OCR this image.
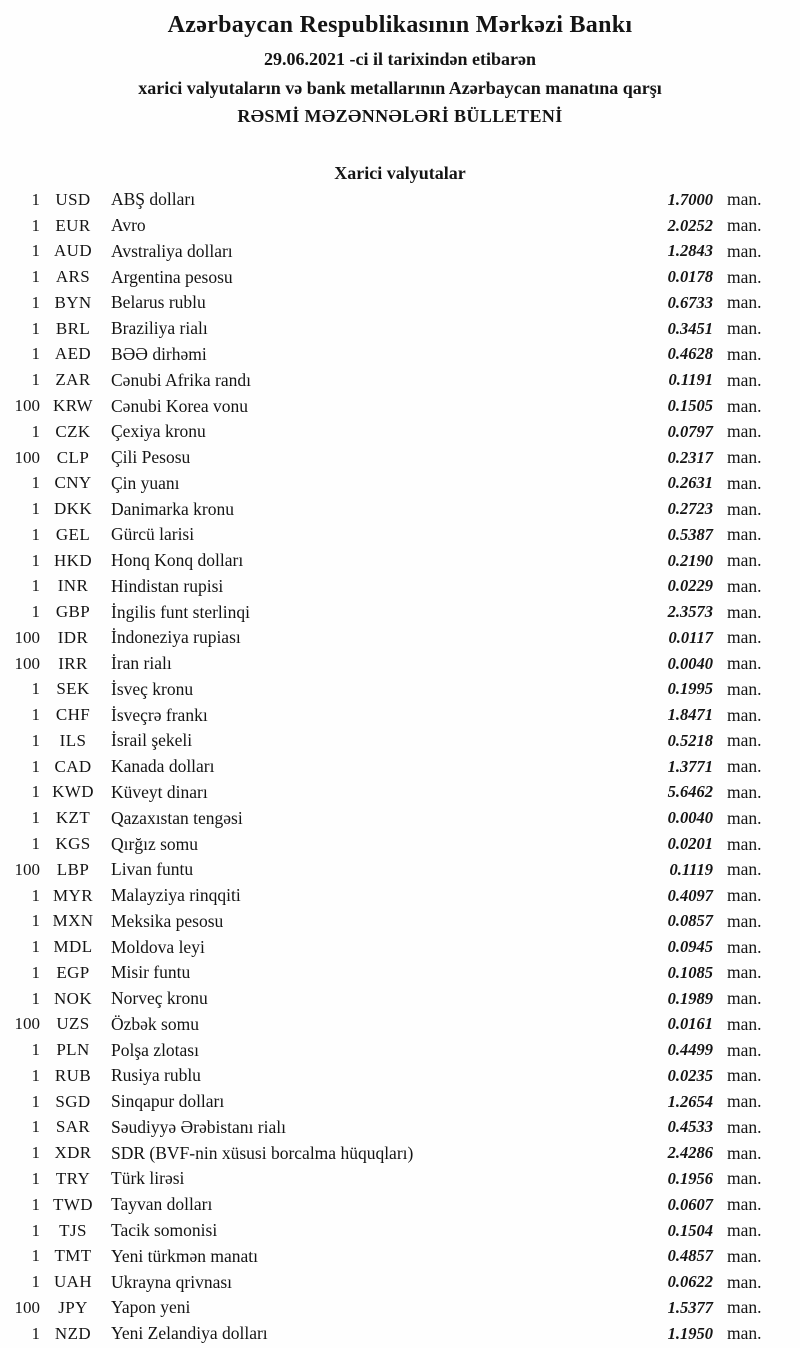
Azərbaycan Respublikasının Mərkəzi Bankı
29.06.2021 -ci il tarixindən etibarən
xarici valyutaların və bank metallarının Azərbaycan manatına qarşı
RƏSMİ MƏZƏNNƏLƏRİ BÜLLETENİ
Xarici valyutalar
1 USD	ABŞ dolları	1.7000 man.
1 EUR	Avro	2.0252 man.
1 AUD	Avstraliya dolları	1.2843 man.
1 ARS	Argentina pesosu	0.0178 man.
1 BYN	Belarus rublu	0.6733 man.
1 BRL	Braziliya rialı	0.3451 man.
1 AED	BƏƏ dirhəmi	0.4628 man.
1 ZAR	Cənubi Afrika randı	0.1191 man.
100 KRW	Cənubi Korea vonu	0.1505 man.
1 CZK	Çexiya kronu	0.0797 man.
100 CLP	Çili Pesosu	0.2317 man.
1 CNY	Çin yuanı	0.2631 man.
1 DKK	Danimarka kronu	0.2723 man.
1 GEL	Gürcü larisi	0.5387 man.
1 HKD	Honq Konq dolları	0.2190 man.
1	INR	Hindistan rupisi	0.0229 man.
1 GBP	İngilis funt sterlinqi	2.3573 man.
100	IDR	İndoneziya rupiası	0.0117 man.
100	IRR	İran rialı	0.0040 man.
1 SEK	İsveç kronu	0.1995 man.
1 CHF	İsveçrə frankı	1.8471 man.
1	ILS	İsrail şekeli	0.5218 man.
1 CAD	Kanada dolları	1.3771 man.
1 KWD Küveyt dinarı	5.6462 man.
1 KZT	Qazaxıstan tengəsi	0.0040 man.
1 KGS	Qırğız somu	0.0201 man.
100 LBP	Livan funtu	0.1119 man.
1 MYR	Malayziya rinqqiti	0.4097 man.
1 MXN	Meksika pesosu	0.0857 man.
1 MDL	Moldova leyi	0.0945 man.
1 EGP	Misir funtu	0.1085 man.
1 NOK	Norveç kronu	0.1989 man.
100 UZS	Özbək somu	0.0161 man.
1 PLN	Polşa zlotası	0.4499 man.
1 RUB	Rusiya rublu	0.0235 man.
1 SGD	Sinqapur dolları	1.2654 man.
1 SAR	Səudiyyə Ərəbistanı rialı	0.4533 man.
1 XDR	SDR (BVF-nin xüsusi borcalma hüquqları)	2.4286 man.
1 TRY	Türk lirəsi	0.1956 man.
1 TWD	Tayvan dolları	0.0607 man.
1	TJS	Tacik somonisi	0.1504 man.
1 TMT	Yeni türkmən manatı	0.4857 man.
1 UAH	Ukrayna qrivnası	0.0622 man.
100	JPY	Yapon yeni	1.5377 man.
1 NZD	Yeni Zelandiya dolları	1.1950 man.
